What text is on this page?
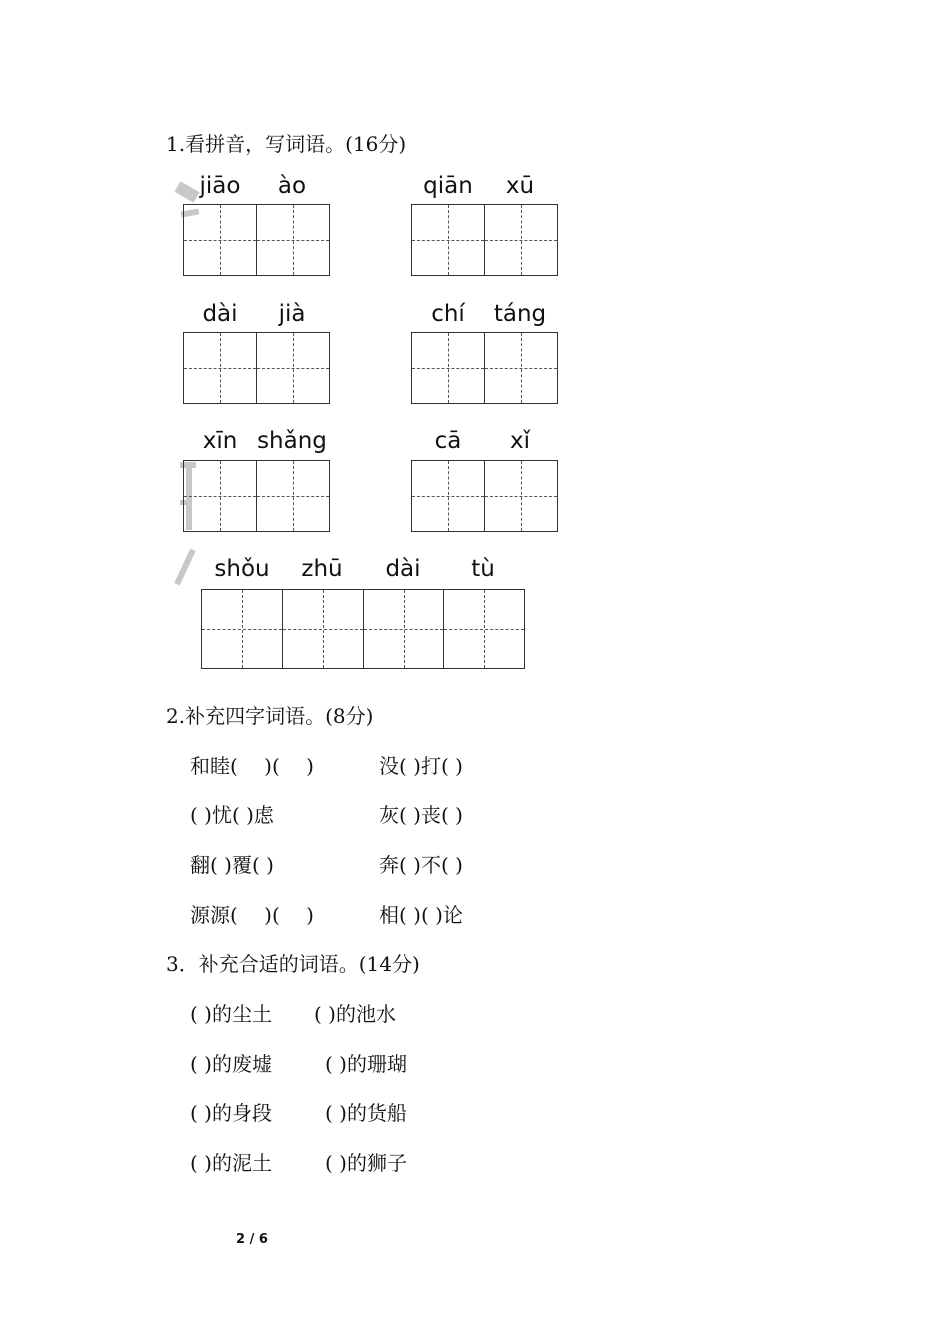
1.看拼音，写词语。(16分)
jiāo	ào	qiān	xū
dài	jià	chí	táng
xīn shǎng	cā	xǐ
shǒu	zhū	dài	tù
2.补充四字词语。(8分)
和睦(　 )(　 )	没( )打( )
( )忧( )虑	灰( )丧( )
翻( )覆( )	奔( )不( )
源源(　 )(　 )	相( )( )论
3．补充合适的词语。(14分)
( )的尘土 ( )的池水
( )的废墟	( )的珊瑚
( )的身段	( )的货船
( )的泥土	( )的狮子
2 / 6
